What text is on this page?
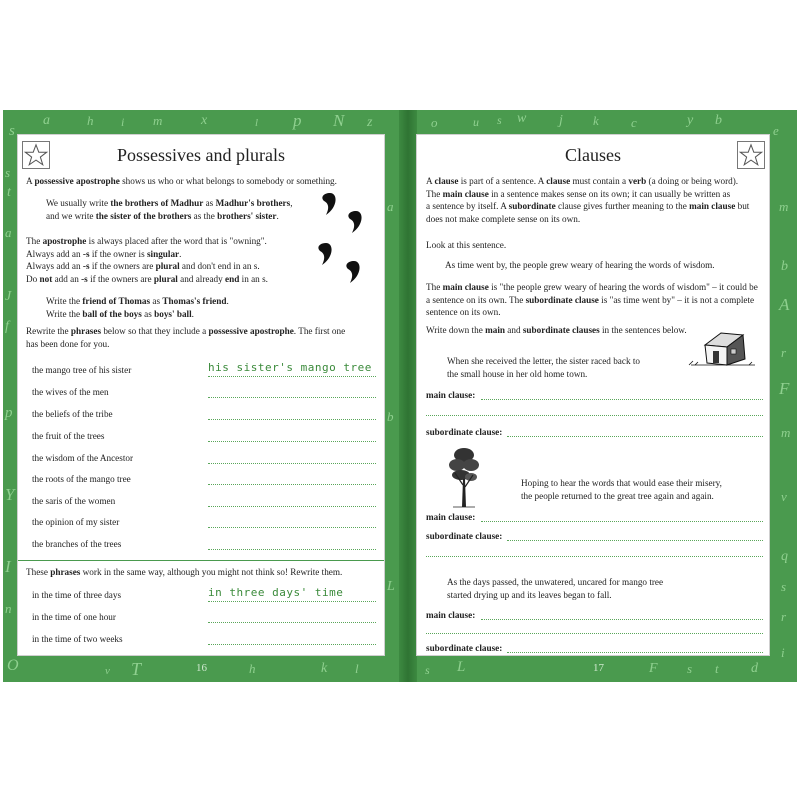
s
a	h i m	x	l p N z	o	u s w j k c	y b
e
s
t
a
J
f
p
Y
I
n
O	T	h	k l
v	s L	F s t d
m
b
A
r
F
m
v
q
s
r
i
a
b
L
Possessives and plurals
A possessive apostrophe shows us who or what belongs to somebody or something.
We usually write the brothers of Madhur as Madhur's brothers,
and we write the sister of the brothers as the brothers' sister.
The apostrophe is always placed after the word that is "owning".
Always add an -s if the owner is singular.
Always add an -s if the owners are plural and don't end in an s.
Do not add an -s if the owners are plural and already end in an s.
Write the friend of Thomas as Thomas's friend.
Write the ball of the boys as boys' ball.
Rewrite the phrases below so that they include a possessive apostrophe. The first one
has been done for you.
the mango tree of his sister	his sister's mango tree
the wives of the men
the beliefs of the tribe
the fruit of the trees
the wisdom of the Ancestor
the roots of the mango tree
the saris of the women
the opinion of my sister
the branches of the trees
These phrases work in the same way, although you might not think so! Rewrite them.
in the time of three days	in three days' time
in the time of one hour
in the time of two weeks
16
Clauses
A clause is part of a sentence. A clause must contain a verb (a doing or being word).
The main clause in a sentence makes sense on its own; it can usually be written as
a sentence by itself. A subordinate clause gives further meaning to the main clause but
does not make complete sense on its own.
Look at this sentence.
As time went by, the people grew weary of hearing the words of wisdom.
The main clause is "the people grew weary of hearing the words of wisdom" – it could be
a sentence on its own. The subordinate clause is "as time went by" – it is not a complete
sentence on its own.
Write down the main and subordinate clauses in the sentences below.
When she received the letter, the sister raced back to
the small house in her old home town.
main clause:
subordinate clause:
Hoping to hear the words that would ease their misery,
the people returned to the great tree again and again.
main clause:
subordinate clause:
As the days passed, the unwatered, uncared for mango tree
started drying up and its leaves began to fall.
main clause:
subordinate clause:
17
